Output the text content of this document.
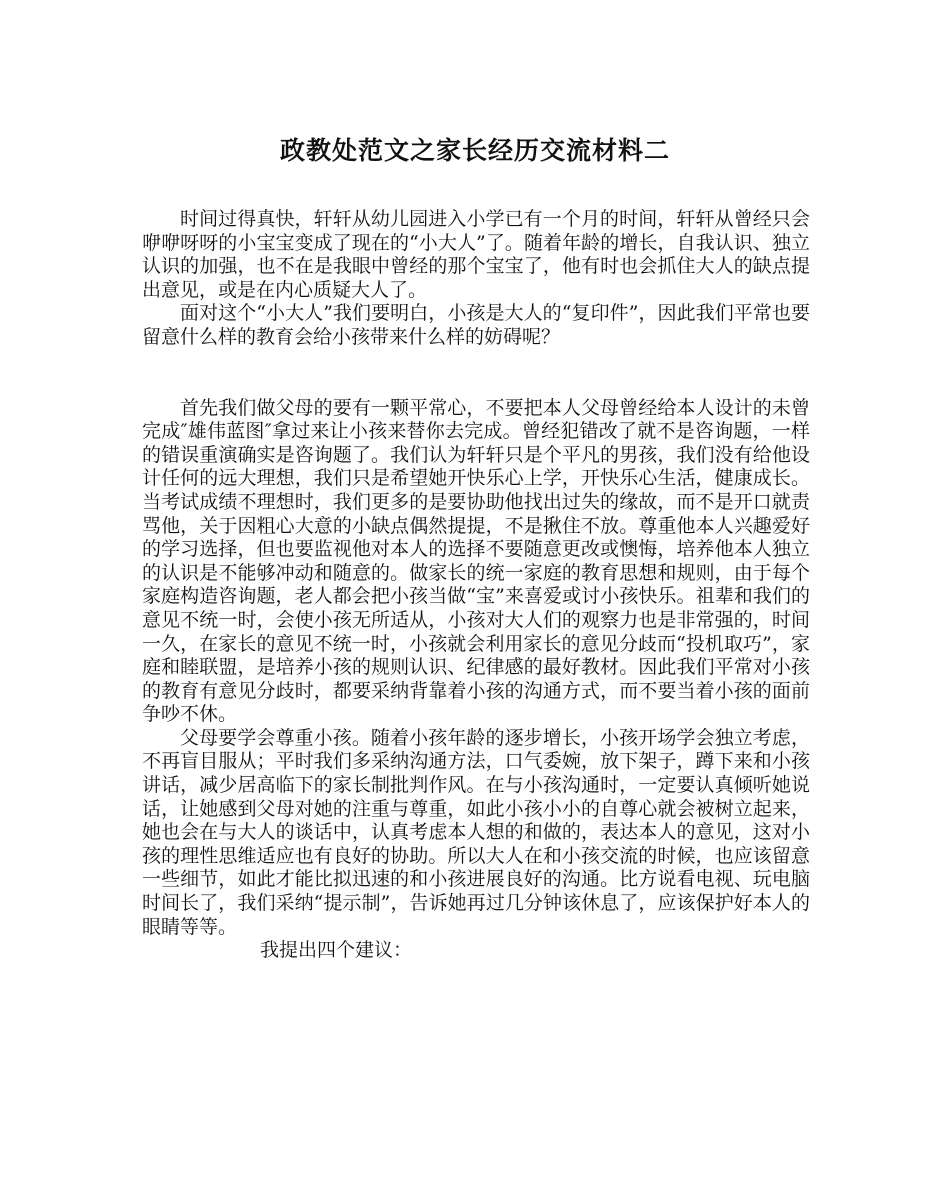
政教处范文之家长经历交流材料二

时间过得真快，轩轩从幼儿园进入小学已有一个月的时间，轩轩从曾经只会咿咿呀呀的小宝宝变成了现在的“小大人”了。随着年龄的增长，自我认识、独立认识的加强，也不在是我眼中曾经的那个宝宝了，他有时也会抓住大人的缺点提出意见，或是在内心质疑大人了。

面对这个“小大人”我们要明白，小孩是大人的“复印件”，因此我们平常也要留意什么样的教育会给小孩带来什么样的妨碍呢？

首先我们做父母的要有一颗平常心，不要把本人父母曾经给本人设计的未曾完成″雄伟蓝图″拿过来让小孩来替你去完成。曾经犯错改了就不是咨询题，一样的错误重演确实是咨询题了。我们认为轩轩只是个平凡的男孩，我们没有给他设计任何的远大理想，我们只是希望她开快乐心上学，开快乐心生活，健康成长。当考试成绩不理想时，我们更多的是要协助他找出过失的缘故，而不是开口就责骂他，关于因粗心大意的小缺点偶然提提，不是揪住不放。尊重他本人兴趣爱好的学习选择，但也要监视他对本人的选择不要随意更改或懊悔，培养他本人独立的认识是不能够冲动和随意的。做家长的统一家庭的教育思想和规则，由于每个家庭构造咨询题，老人都会把小孩当做“宝”来喜爱或讨小孩快乐。祖辈和我们的意见不统一时，会使小孩无所适从，小孩对大人们的观察力也是非常强的，时间一久，在家长的意见不统一时，小孩就会利用家长的意见分歧而“投机取巧”，家庭和睦联盟，是培养小孩的规则认识、纪律感的最好教材。因此我们平常对小孩的教育有意见分歧时，都要采纳背靠着小孩的沟通方式，而不要当着小孩的面前争吵不休。

父母要学会尊重小孩。随着小孩年龄的逐步增长，小孩开场学会独立考虑，不再盲目服从；平时我们多采纳沟通方法，口气委婉，放下架子，蹲下来和小孩讲话，减少居高临下的家长制批判作风。在与小孩沟通时，一定要认真倾听她说话，让她感到父母对她的注重与尊重，如此小孩小小的自尊心就会被树立起来，她也会在与大人的谈话中，认真考虑本人想的和做的，表达本人的意见，这对小孩的理性思维适应也有良好的协助。所以大人在和小孩交流的时候，也应该留意一些细节，如此才能比拟迅速的和小孩进展良好的沟通。比方说看电视、玩电脑时间长了，我们采纳“提示制”，告诉她再过几分钟该休息了，应该保护好本人的眼睛等等。

我提出四个建议：
